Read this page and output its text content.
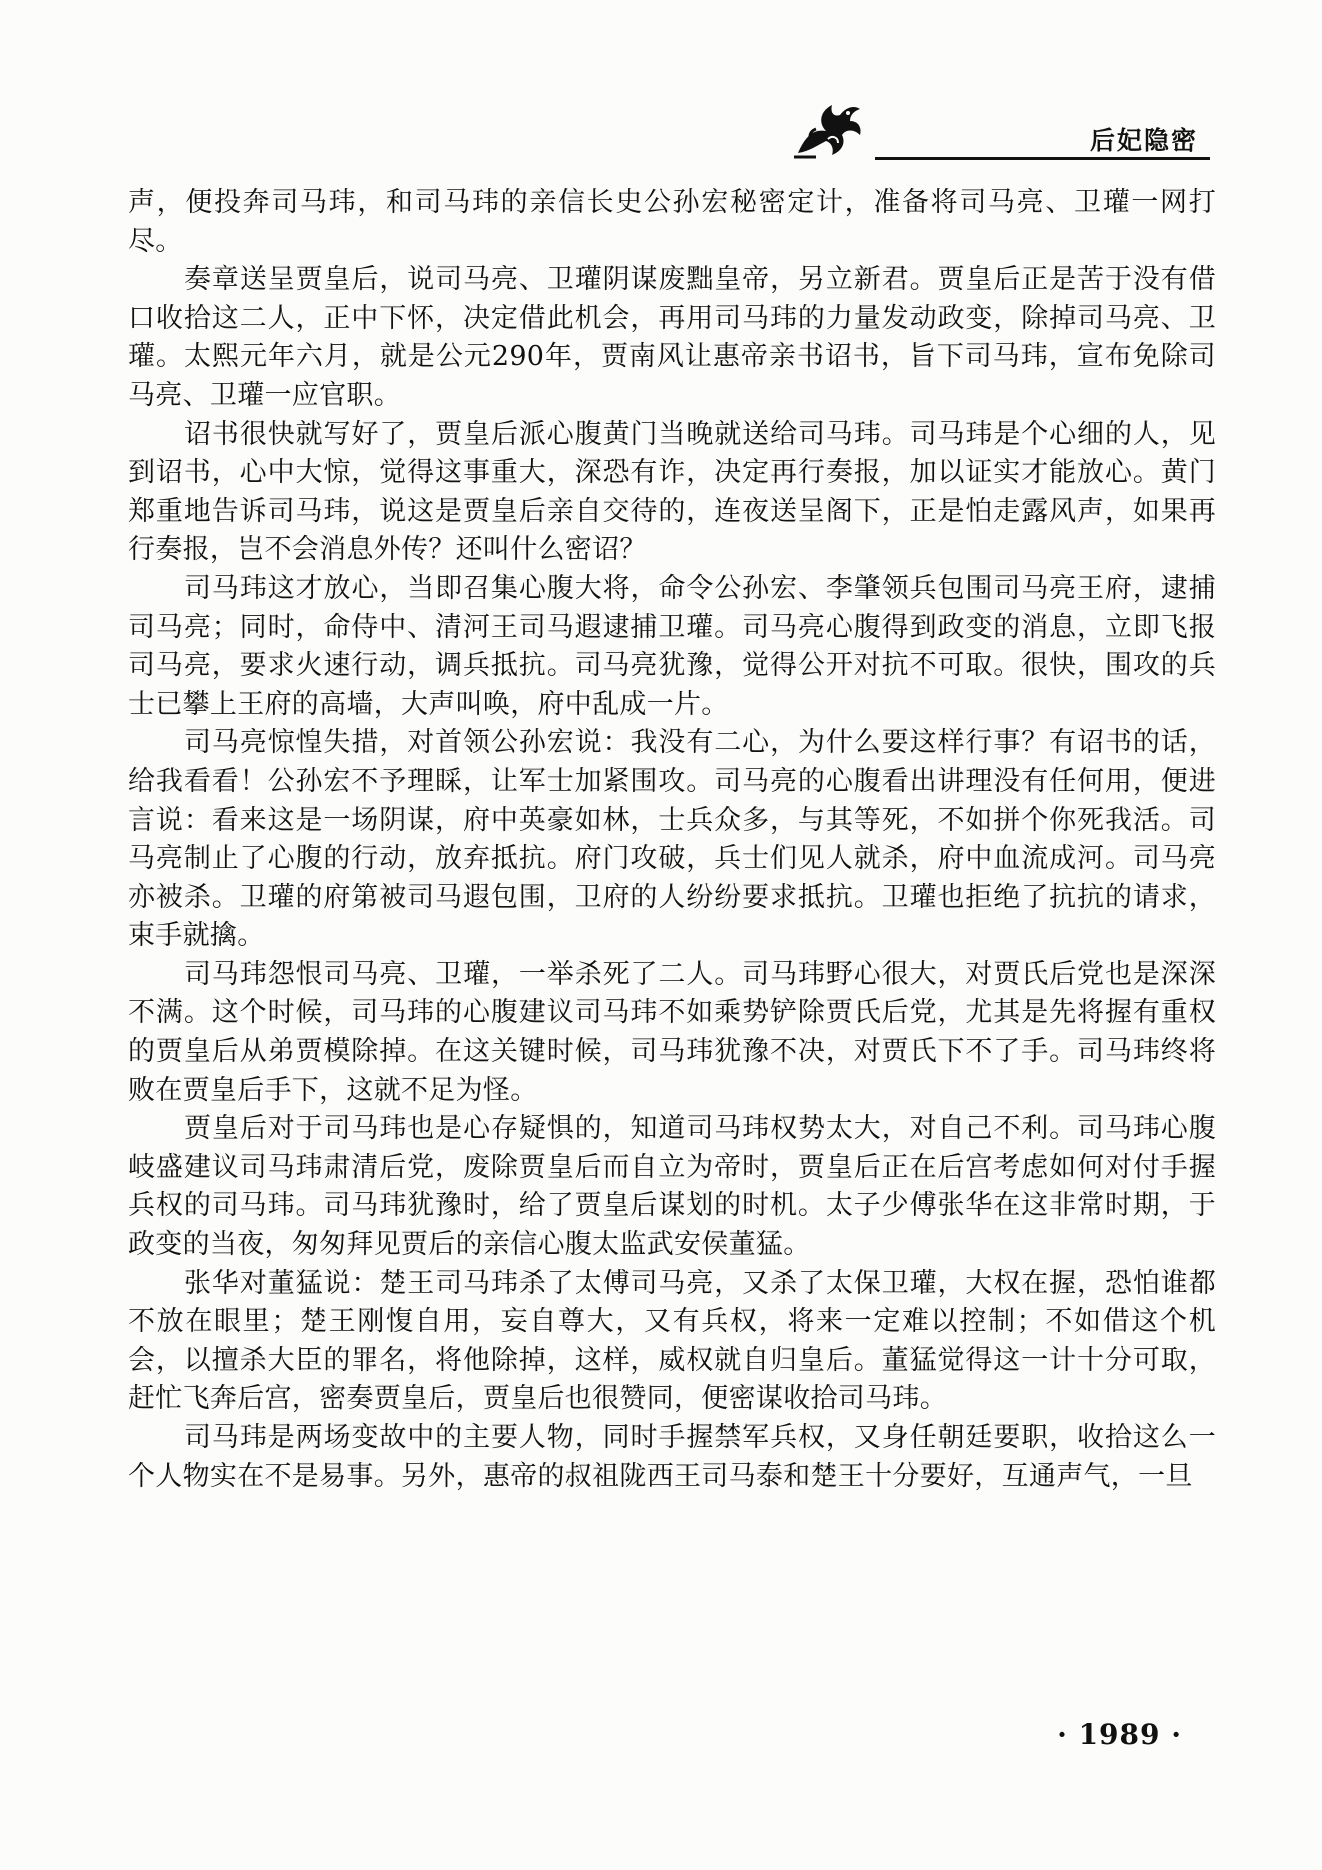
后妃隐密

声，便投奔司马玮，和司马玮的亲信长史公孙宏秘密定计，准备将司马亮、卫瓘一网打尽。

奏章送呈贾皇后，说司马亮、卫瓘阴谋废黜皇帝，另立新君。贾皇后正是苦于没有借口收拾这二人，正中下怀，决定借此机会，再用司马玮的力量发动政变，除掉司马亮、卫瓘。太熙元年六月，就是公元290年，贾南风让惠帝亲书诏书，旨下司马玮，宣布免除司马亮、卫瓘一应官职。

诏书很快就写好了，贾皇后派心腹黄门当晚就送给司马玮。司马玮是个心细的人，见到诏书，心中大惊，觉得这事重大，深恐有诈，决定再行奏报，加以证实才能放心。黄门郑重地告诉司马玮，说这是贾皇后亲自交待的，连夜送呈阁下，正是怕走露风声，如果再行奏报，岂不会消息外传？还叫什么密诏？

司马玮这才放心，当即召集心腹大将，命令公孙宏、李肇领兵包围司马亮王府，逮捕司马亮；同时，命侍中、清河王司马遐逮捕卫瓘。司马亮心腹得到政变的消息，立即飞报司马亮，要求火速行动，调兵抵抗。司马亮犹豫，觉得公开对抗不可取。很快，围攻的兵士已攀上王府的高墙，大声叫唤，府中乱成一片。

司马亮惊惶失措，对首领公孙宏说：我没有二心，为什么要这样行事？有诏书的话，给我看看！公孙宏不予理睬，让军士加紧围攻。司马亮的心腹看出讲理没有任何用，便进言说：看来这是一场阴谋，府中英豪如林，士兵众多，与其等死，不如拼个你死我活。司马亮制止了心腹的行动，放弃抵抗。府门攻破，兵士们见人就杀，府中血流成河。司马亮亦被杀。卫瓘的府第被司马遐包围，卫府的人纷纷要求抵抗。卫瓘也拒绝了抗抗的请求，束手就擒。

司马玮怨恨司马亮、卫瓘，一举杀死了二人。司马玮野心很大，对贾氏后党也是深深不满。这个时候，司马玮的心腹建议司马玮不如乘势铲除贾氏后党，尤其是先将握有重权的贾皇后从弟贾模除掉。在这关键时候，司马玮犹豫不决，对贾氏下不了手。司马玮终将败在贾皇后手下，这就不足为怪。

贾皇后对于司马玮也是心存疑惧的，知道司马玮权势太大，对自己不利。司马玮心腹岐盛建议司马玮肃清后党，废除贾皇后而自立为帝时，贾皇后正在后宫考虑如何对付手握兵权的司马玮。司马玮犹豫时，给了贾皇后谋划的时机。太子少傅张华在这非常时期，于政变的当夜，匆匆拜见贾后的亲信心腹太监武安侯董猛。

张华对董猛说：楚王司马玮杀了太傅司马亮，又杀了太保卫瓘，大权在握，恐怕谁都不放在眼里；楚王刚愎自用，妄自尊大，又有兵权，将来一定难以控制；不如借这个机会，以擅杀大臣的罪名，将他除掉，这样，威权就自归皇后。董猛觉得这一计十分可取，赶忙飞奔后宫，密奏贾皇后，贾皇后也很赞同，便密谋收拾司马玮。

司马玮是两场变故中的主要人物，同时手握禁军兵权，又身任朝廷要职，收拾这么一个人物实在不是易事。另外，惠帝的叔祖陇西王司马泰和楚王十分要好，互通声气，一旦

· 1989 ·
